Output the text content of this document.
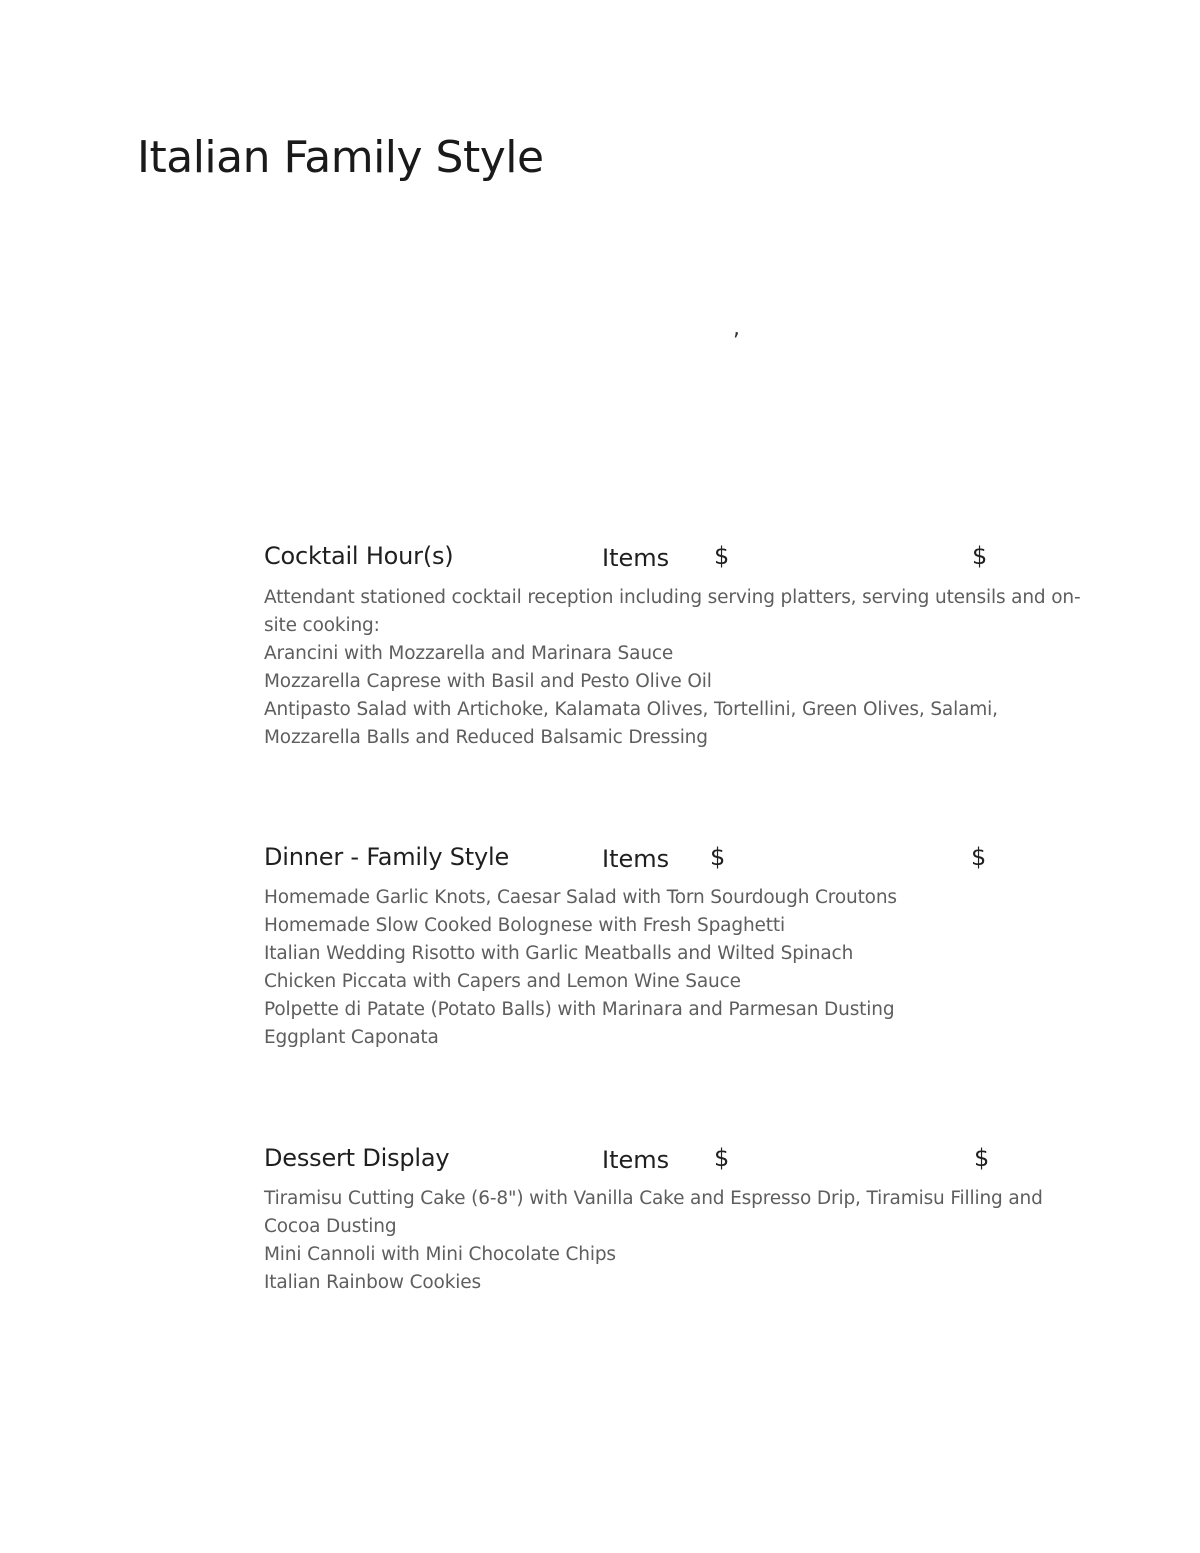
Italian Family Style
,
Cocktail Hour(s)	Items $	$
Attendant stationed cocktail reception including serving platters, serving utensils and on-site cooking:
Arancini with Mozzarella and Marinara Sauce
Mozzarella Caprese with Basil and Pesto Olive Oil
Antipasto Salad with Artichoke, Kalamata Olives, Tortellini, Green Olives, Salami, Mozzarella Balls and Reduced Balsamic Dressing
Dinner - Family Style	Items $	$
Homemade Garlic Knots, Caesar Salad with Torn Sourdough Croutons
Homemade Slow Cooked Bolognese with Fresh Spaghetti
Italian Wedding Risotto with Garlic Meatballs and Wilted Spinach
Chicken Piccata with Capers and Lemon Wine Sauce
Polpette di Patate (Potato Balls) with Marinara and Parmesan Dusting
Eggplant Caponata
Dessert Display	Items $	$
Tiramisu Cutting Cake (6-8") with Vanilla Cake and Espresso Drip, Tiramisu Filling and Cocoa Dusting
Mini Cannoli with Mini Chocolate Chips
Italian Rainbow Cookies
